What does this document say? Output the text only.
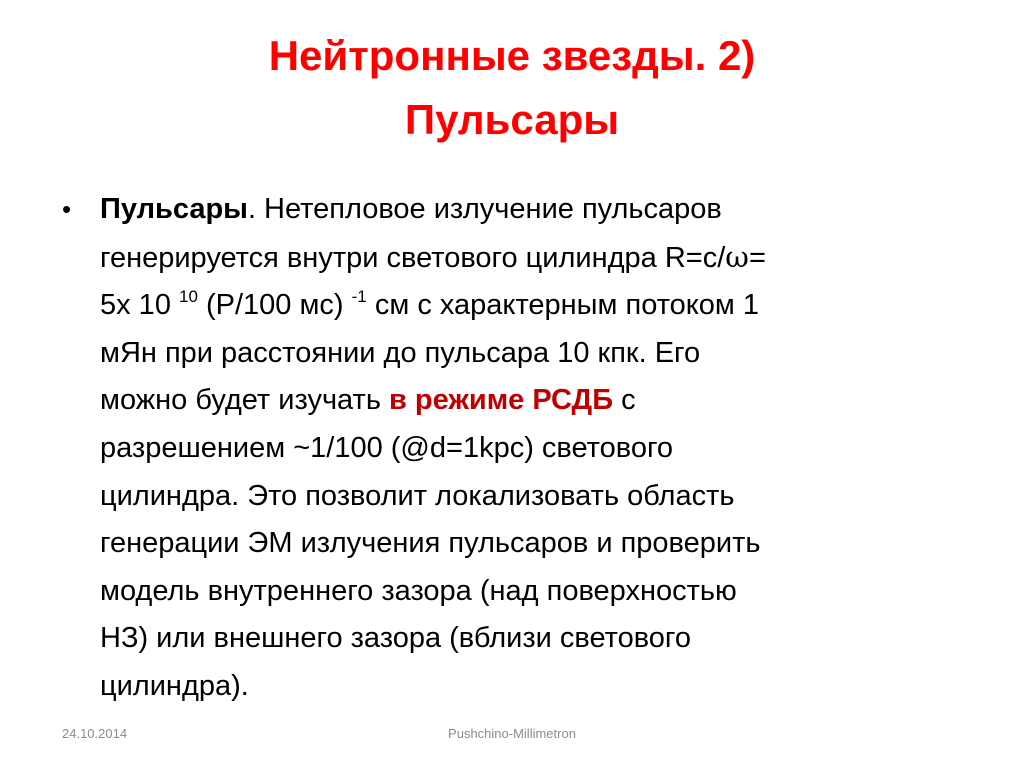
Нейтронные звезды. 2)
Пульсары
• Пульсары. Нетепловое излучение пульсаров
генерируется внутри светового цилиндра R=c/ω=
5x 10 $^{10}$ (P/100 мс) $^{-1}$ см с характерным потоком 1
мЯн при расстоянии до пульсара 10 кпк. Его
можно будет изучать в режиме РСДБ с
разрешением ~1/100 (@d=1kpc) светового
цилиндра. Это позволит локализовать область
генерации ЭМ излучения пульсаров и проверить
модель внутреннего зазора (над поверхностью
НЗ) или внешнего зазора (вблизи светового
цилиндра).
24.10.2014	Pushchino-Millimetron
